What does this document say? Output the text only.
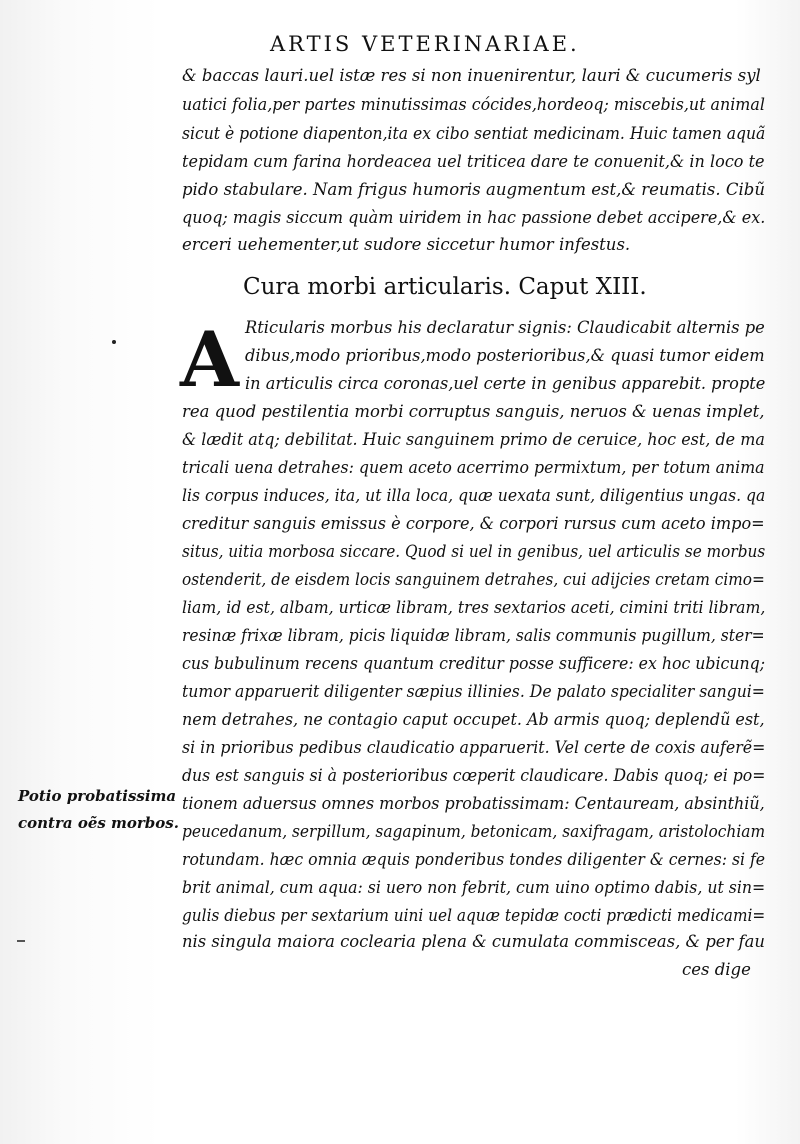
ARTIS VETERINARIAE.
& baccas lauri.uel istæ res si non inuenirentur, lauri & cucumeris syl
uatici folia,per partes minutissimas cócides,hordeoq; miscebis,ut animal
sicut è potione diapenton,ita ex cibo sentiat medicinam. Huic tamen aquã
tepidam cum farina hordeacea uel triticea dare te conuenit,& in loco te
pido stabulare. Nam frigus humoris augmentum est,& reumatis. Cibũ
quoq; magis siccum quàm uiridem in hac passione debet accipere,& ex.
erceri uehementer,ut sudore siccetur humor infestus.
Cura morbi articularis. Caput XIII.
A Rticularis morbus his declaratur signis: Claudicabit alternis pe
dibus,modo prioribus,modo posterioribus,& quasi tumor eidem
in articulis circa coronas,uel certe in genibus apparebit. propte
rea quod pestilentia morbi corruptus sanguis, neruos & uenas implet,
& lædit atq; debilitat. Huic sanguinem primo de ceruice, hoc est, de ma
tricali uena detrahes: quem aceto acerrimo permixtum, per totum anima
lis corpus induces, ita, ut illa loca, quæ uexata sunt, diligentius ungas. qa
creditur sanguis emissus è corpore, & corpori rursus cum aceto impo=
situs, uitia morbosa siccare. Quod si uel in genibus, uel articulis se morbus
ostenderit, de eisdem locis sanguinem detrahes, cui adijcies cretam cimo=
liam, id est, albam, urticæ libram, tres sextarios aceti, cimini triti libram,
resinæ frixæ libram, picis liquidæ libram, salis communis pugillum, ster=
cus bubulinum recens quantum creditur posse sufficere: ex hoc ubicunq;
tumor apparuerit diligenter sæpius illinies. De palato specialiter sangui=
nem detrahes, ne contagio caput occupet. Ab armis quoq; deplendũ est,
si in prioribus pedibus claudicatio apparuerit. Vel certe de coxis auferẽ=
dus est sanguis si à posterioribus cœperit claudicare. Dabis quoq; ei po=
tionem aduersus omnes morbos probatissimam: Centauream, absinthiũ,
peucedanum, serpillum, sagapinum, betonicam, saxifragam, aristolochiam
rotundam. hæc omnia æquis ponderibus tondes diligenter & cernes: si fe
brit animal, cum aqua: si uero non febrit, cum uino optimo dabis, ut sin=
gulis diebus per sextarium uini uel aquæ tepidæ cocti prædicti medicami=
nis singula maiora coclearia plena & cumulata commisceas, & per fau
ces dige
Potio probatissima
contra oẽs morbos.
